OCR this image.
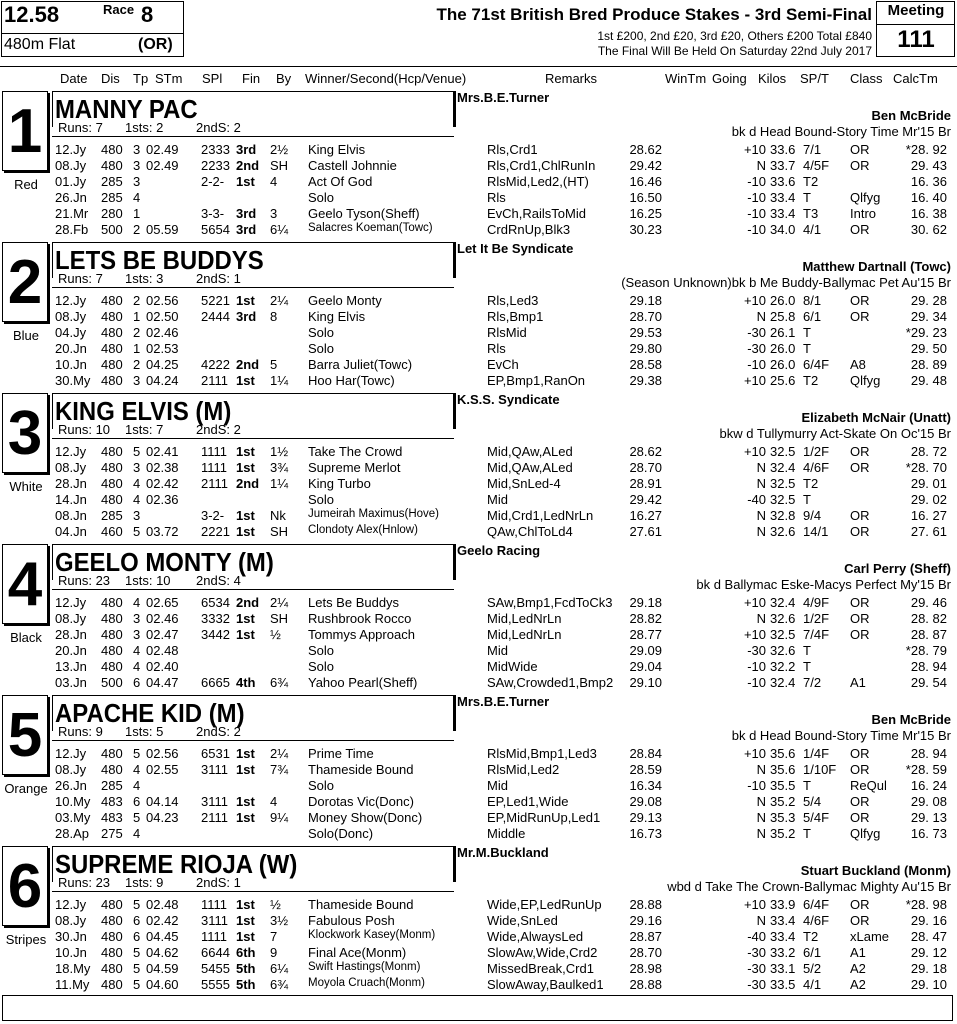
12.58	Race 8
480m Flat	(OR)
The 71st British Bred Produce Stakes - 3rd Semi-Final
1st £200, 2nd £20, 3rd £20, Others £200 Total £840
The Final Will Be Held On Saturday 22nd July 2017
Meeting
111
Date Dis Tp STm SPl Fin By Winner/Second(Hcp/Venue)	Remarks	WinTm Going Kilos SP/T Class CalcTm
1
Red
MANNY PAC	Mrs.B.E.Turner
Ben McBride
Runs: 7 1sts: 2	2ndS: 2	bk d Head Bound-Story Time Mr'15 Br
12.Jy 480 3 02.49 2333 3rd 2½ King Elvis	Rls,Crd1	28.62	+10 33.6 7/1 OR	*28. 92
08.Jy 480 3 02.49 2233 2nd SH Castell Johnnie	Rls,Crd1,ChlRunIn	29.42	N 33.7 4/5F OR	29. 43
01.Jy 285 3	2-2- 1st 4 Act Of God	RlsMid,Led2,(HT)	16.46	-10 33.6 T2	16. 36
26.Jn 285 4	Solo	Rls	16.50	-10 33.4 T	Qlfyg 16. 40
21.Mr 280 1	3-3- 3rd 3 Geelo Tyson(Sheff)	EvCh,RailsToMid	16.25	-10 33.4 T3 Intro	16. 38
28.Fb 500 2 05.59 5654 3rd 6¼ Salacres Koeman(Towc)	CrdRnUp,Blk3	30.23	-10 34.0 4/1 OR	30. 62
2
Blue
LETS BE BUDDYS	Let It Be Syndicate
Matthew Dartnall (Towc)
Runs: 7 1sts: 3	2ndS: 1	(Season Unknown)bk b Me Buddy-Ballymac Pet Au'15 Br
12.Jy 480 2 02.56 5221 1st 2¼ Geelo Monty	Rls,Led3	29.18	+10 26.0 8/1 OR	29. 28
08.Jy 480 1 02.50 2444 3rd 8 King Elvis	Rls,Bmp1	28.70	N 25.8 6/1 OR	29. 34
04.Jy 480 2 02.46	Solo	RlsMid	29.53	-30 26.1 T	*29. 23
20.Jn 480 1 02.53	Solo	Rls	29.80	-30 26.0 T	29. 50
10.Jn 480 2 04.25 4222 2nd 5 Barra Juliet(Towc)	EvCh	28.58	-10 26.0 6/4F A8	28. 89
30.My 480 3 04.24 2111 1st 1¼ Hoo Har(Towc)	EP,Bmp1,RanOn	29.38	+10 25.6 T2 Qlfyg 29. 48
3
White
KING ELVIS (M)	K.S.S. Syndicate
Elizabeth McNair (Unatt)
Runs: 10 1sts: 7	2ndS: 2	bkw d Tullymurry Act-Skate On Oc'15 Br
12.Jy 480 5 02.41 1111 1st 1½ Take The Crowd	Mid,QAw,ALed	28.62	+10 32.5 1/2F OR	28. 72
08.Jy 480 3 02.38 1111 1st 3¾ Supreme Merlot	Mid,QAw,ALed	28.70	N 32.4 4/6F OR	*28. 70
28.Jn 480 4 02.42 2111 2nd 1¼ King Turbo	Mid,SnLed-4	28.91	N 32.5 T2	29. 01
14.Jn 480 4 02.36	Solo	Mid	29.42	-40 32.5 T	29. 02
08.Jn 285 3	3-2- 1st Nk Jumeirah Maximus(Hove)	Mid,Crd1,LedNrLn	16.27	N 32.8 9/4 OR	16. 27
04.Jn 460 5 03.72 2221 1st SH Clondoty Alex(Hnlow)	QAw,ChlToLd4	27.61	N 32.6 14/1 OR	27. 61
4
Black
GEELO MONTY (M)	Geelo Racing
Carl Perry (Sheff)
Runs: 23 1sts: 10 2ndS: 4	bk d Ballymac Eske-Macys Perfect My'15 Br
12.Jy 480 4 02.65 6534 2nd 2¼ Lets Be Buddys	SAw,Bmp1,FcdToCk3 29.18	+10 32.4 4/9F OR	29. 46
08.Jy 480 3 02.46 3332 1st SH Rushbrook Rocco	Mid,LedNrLn	28.82	N 32.6 1/2F OR	28. 82
28.Jn 480 3 02.47 3442 1st ½ Tommys Approach	Mid,LedNrLn	28.77	+10 32.5 7/4F OR	28. 87
20.Jn 480 4 02.48	Solo	Mid	29.09	-30 32.6 T	*28. 79
13.Jn 480 4 02.40	Solo	MidWide	29.04	-10 32.2 T	28. 94
03.Jn 500 6 04.47 6665 4th 6¾ Yahoo Pearl(Sheff)	SAw,Crowded1,Bmp2 29.10	-10 32.4 7/2 A1	29. 54
5
Orange
APACHE KID (M)	Mrs.B.E.Turner
Ben McBride
Runs: 9 1sts: 5	2ndS: 2	bk d Head Bound-Story Time Mr'15 Br
12.Jy 480 5 02.56 6531 1st 2¼ Prime Time	RlsMid,Bmp1,Led3	28.84	+10 35.6 1/4F OR	28. 94
08.Jy 480 4 02.55 3111 1st 7¾ Thameside Bound	RlsMid,Led2	28.59	N 35.6 1/10F OR	*28. 59
26.Jn 285 4	Solo	Mid	16.34	-10 35.5 T	ReQul 16. 24
10.My 483 6 04.14 3111 1st 4 Dorotas Vic(Donc)	EP,Led1,Wide	29.08	N 35.2 5/4 OR	29. 08
03.My 483 5 04.23 2111 1st 9¼ Money Show(Donc)	EP,MidRunUp,Led1 29.13	N 35.3 5/4F OR	29. 13
28.Ap 275 4	Solo(Donc)	Middle	16.73	N 35.2 T	Qlfyg 16. 73
6
Stripes
SUPREME RIOJA (W)	Mr.M.Buckland
Stuart Buckland (Monm)
Runs: 23 1sts: 9	2ndS: 1	wbd d Take The Crown-Ballymac Mighty Au'15 Br
12.Jy 480 5 02.48 1111 1st ½ Thameside Bound	Wide,EP,LedRunUp 28.88	+10 33.9 6/4F OR	*28. 98
08.Jy 480 6 02.42 3111 1st 3½ Fabulous Posh	Wide,SnLed	29.16	N 33.4 4/6F OR	29. 16
30.Jn 480 6 04.45 1111 1st 7	Klockwork Kasey(Monm)	Wide,AlwaysLed	28.87	-40 33.4 T2 xLame 28. 47
10.Jn 480 5 04.62 6644 6th 9 Final Ace(Monm)	SlowAw,Wide,Crd2 28.70	-30 33.2 6/1 A1	29. 12
18.My 480 5 04.59 5455 5th 6¼ Swift Hastings(Monm)	MissedBreak,Crd1	28.98	-30 33.1 5/2 A2	29. 18
11.My 480 5 04.60 5555 5th 6¾ Moyola Cruach(Monm)	SlowAway,Baulked1 28.88	-30 33.5 4/1 A2	29. 10
